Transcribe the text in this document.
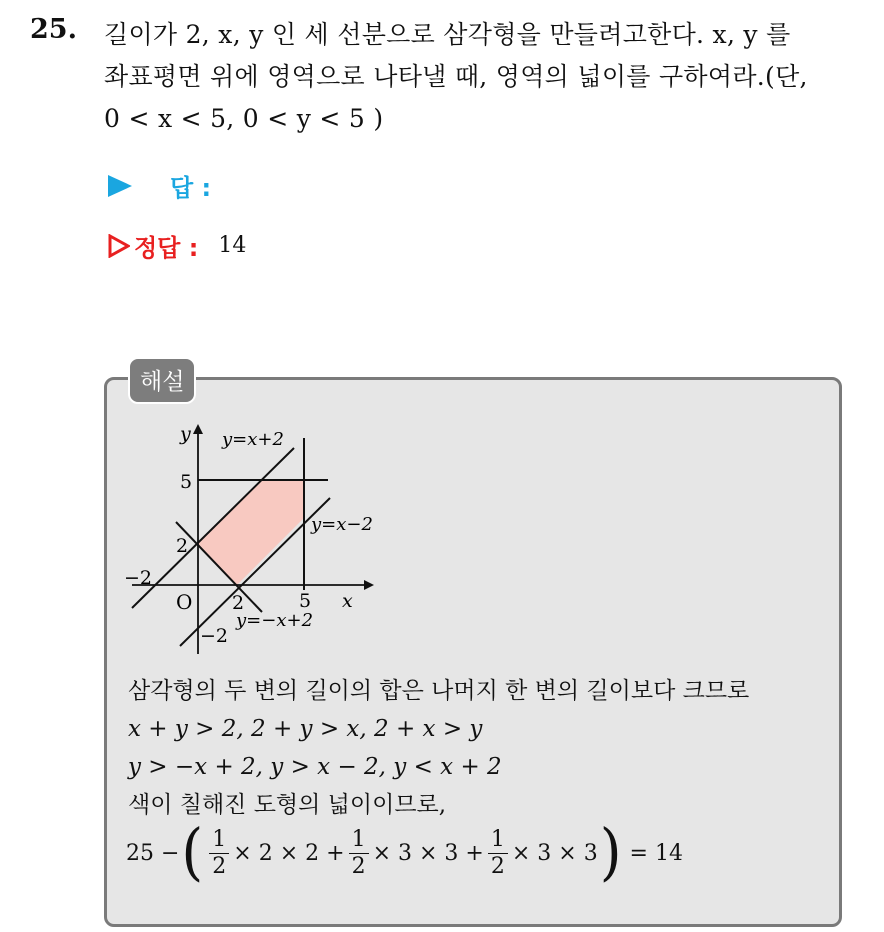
25. 길이가 2, x, y 인 세 선분으로 삼각형을 만들려고한다. x, y 를
좌표평면 위에 영역으로 나타낼 때, 영역의 넓이를 구하여라.(단,
0 < x < 5, 0 < y < 5 )
답 :
정답 : 14
해설
y
x
O
y=x+2
y=x−2
y=−x+2
5
2
−2
2	5
−2
삼각형의 두 변의 길이의 합은 나머지 한 변의 길이보다 크므로
x + y > 2, 2 + y > x, 2 + x > y
y > −x + 2, y > x − 2, y < x + 2
색이 칠해진 도형의 넓이이므로,
25 − ( $\frac{1}{2} \times 2 \times 2 + \frac{1}{2} \times 3 \times 3 + \frac{1}{2} \times 3 \times 3$ ) = 14
